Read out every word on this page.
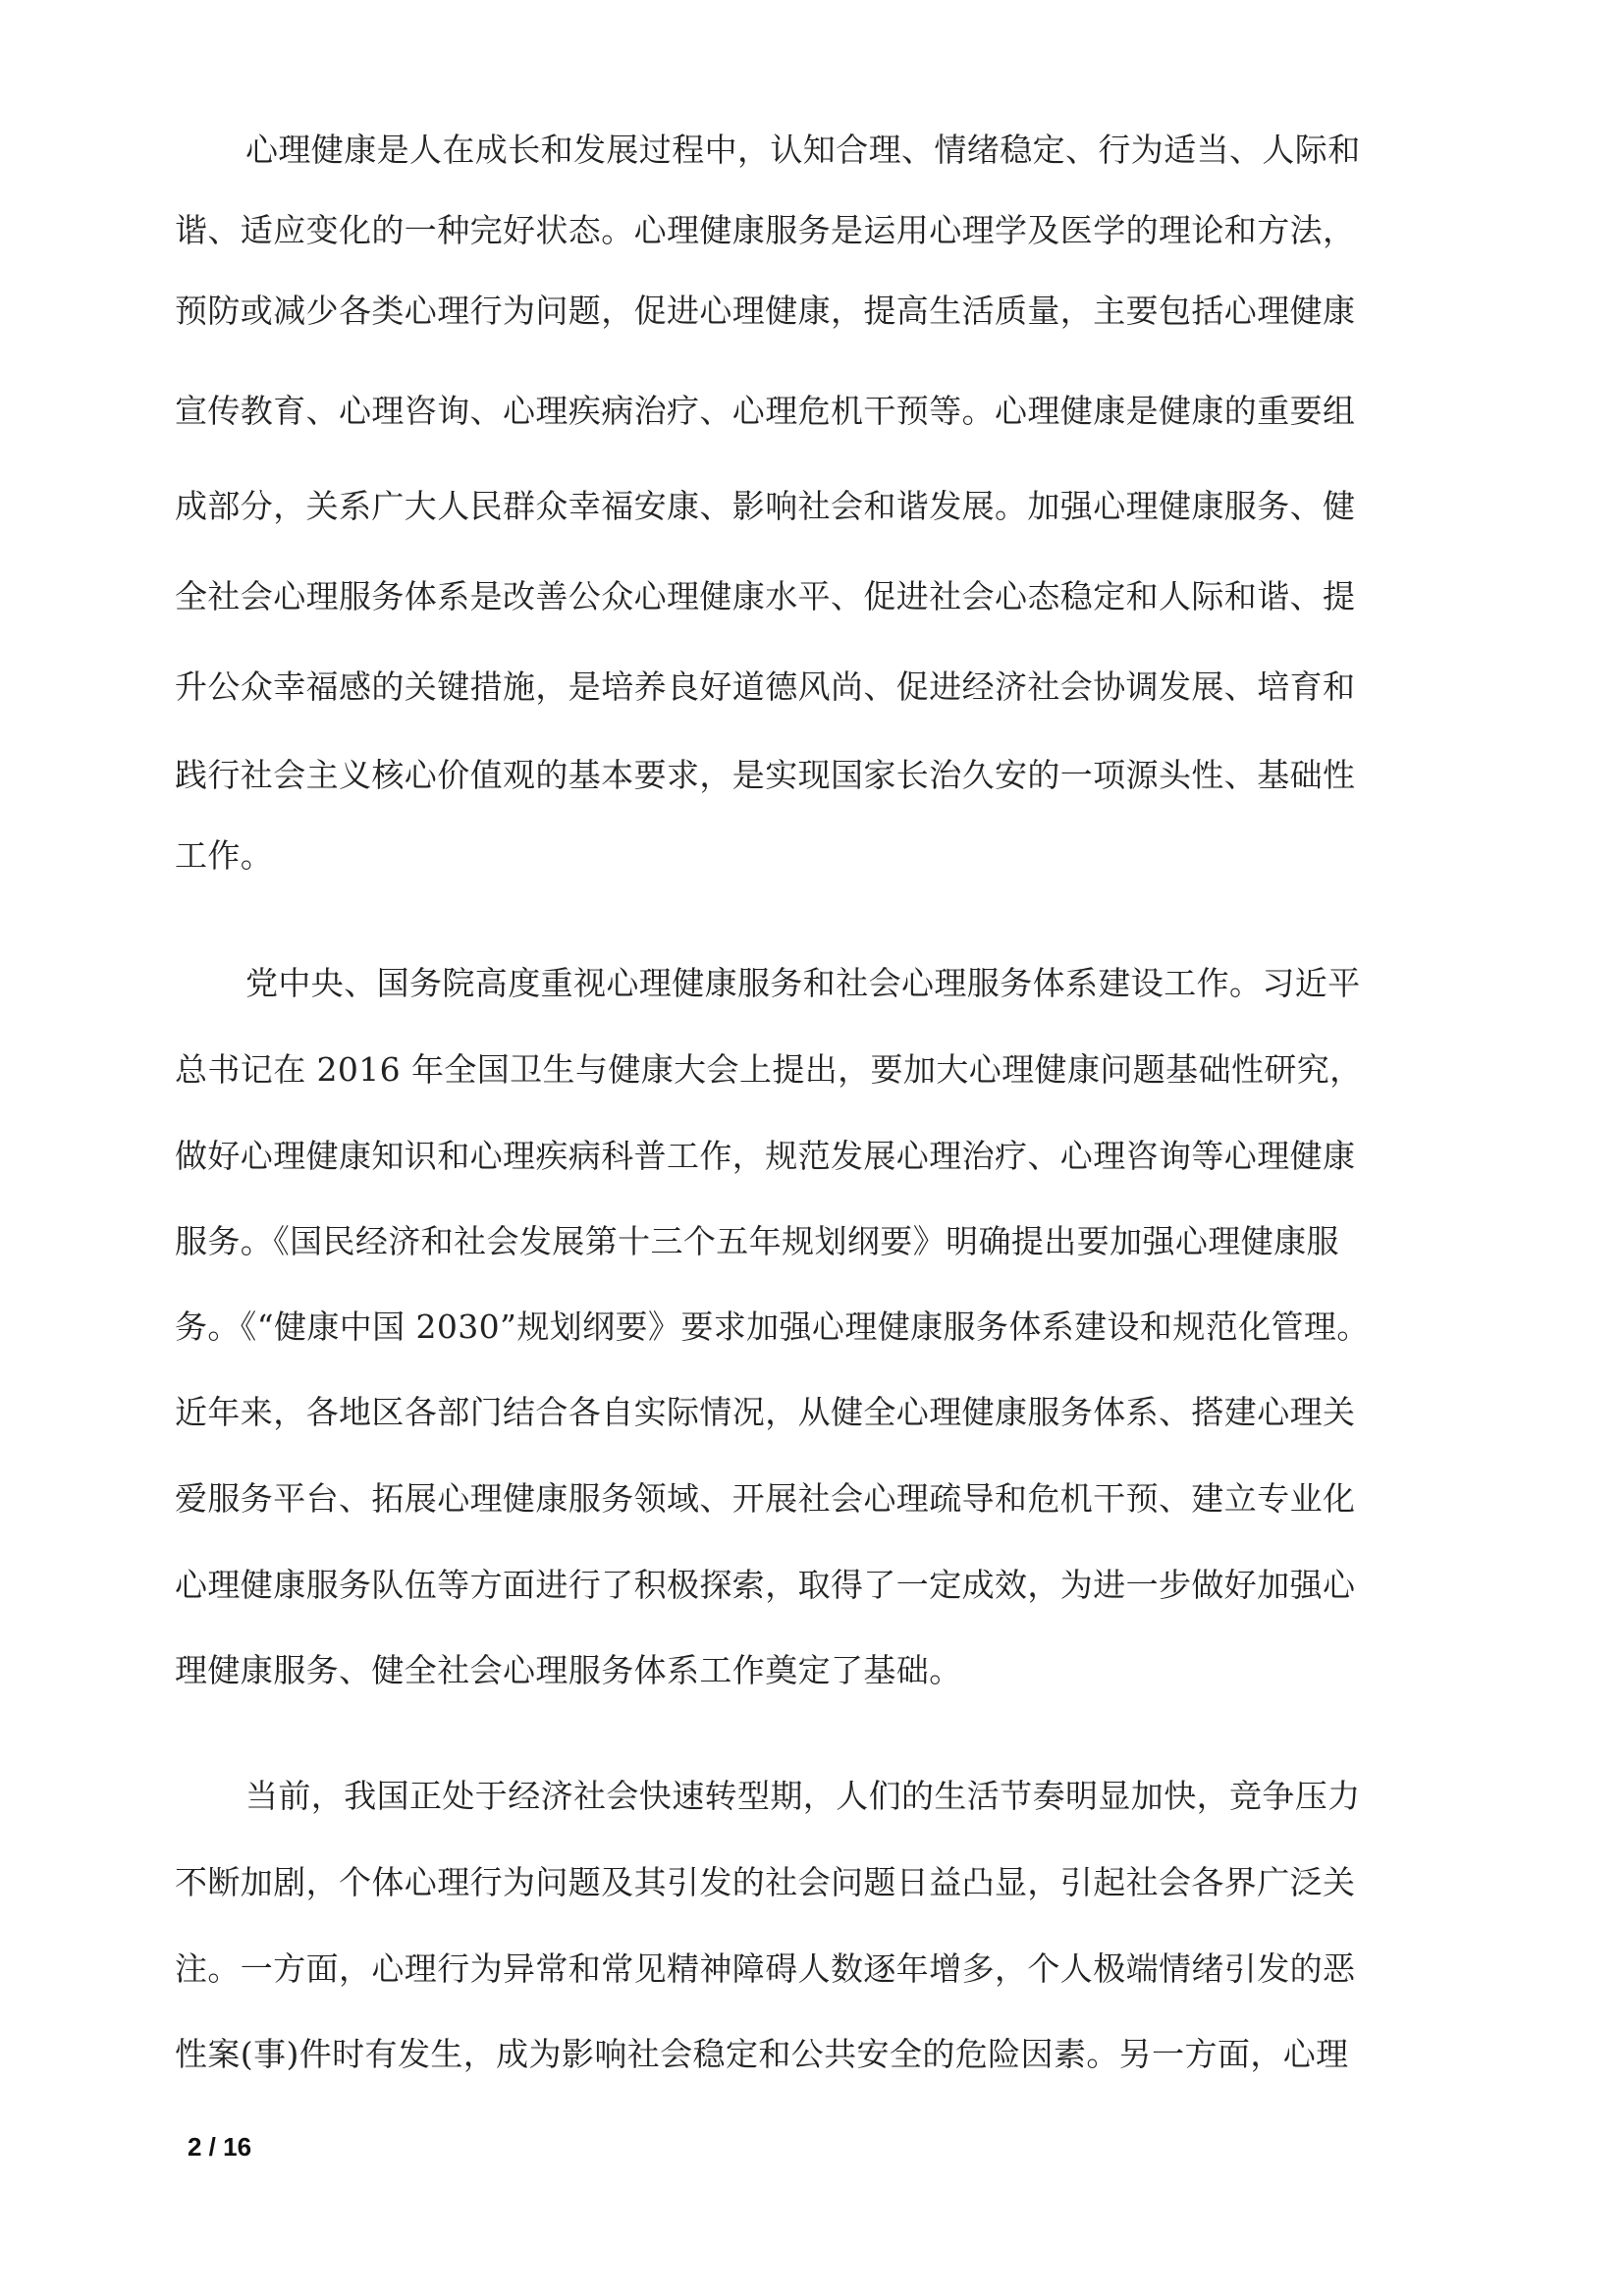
心理健康是人在成长和发展过程中，认知合理、情绪稳定、行为适当、人际和
谐、适应变化的一种完好状态。心理健康服务是运用心理学及医学的理论和方法，
预防或减少各类心理行为问题，促进心理健康，提高生活质量，主要包括心理健康
宣传教育、心理咨询、心理疾病治疗、心理危机干预等。心理健康是健康的重要组
成部分，关系广大人民群众幸福安康、影响社会和谐发展。加强心理健康服务、健
全社会心理服务体系是改善公众心理健康水平、促进社会心态稳定和人际和谐、提
升公众幸福感的关键措施，是培养良好道德风尚、促进经济社会协调发展、培育和
践行社会主义核心价值观的基本要求，是实现国家长治久安的一项源头性、基础性
工作。
党中央、国务院高度重视心理健康服务和社会心理服务体系建设工作。习近平
总书记在 2016 年全国卫生与健康大会上提出，要加大心理健康问题基础性研究，
做好心理健康知识和心理疾病科普工作，规范发展心理治疗、心理咨询等心理健康
服务。《国民经济和社会发展第十三个五年规划纲要》明确提出要加强心理健康服
务。《“健康中国 2030”规划纲要》要求加强心理健康服务体系建设和规范化管理。
近年来，各地区各部门结合各自实际情况，从健全心理健康服务体系、搭建心理关
爱服务平台、拓展心理健康服务领域、开展社会心理疏导和危机干预、建立专业化
心理健康服务队伍等方面进行了积极探索，取得了一定成效，为进一步做好加强心
理健康服务、健全社会心理服务体系工作奠定了基础。
当前，我国正处于经济社会快速转型期，人们的生活节奏明显加快，竞争压力
不断加剧，个体心理行为问题及其引发的社会问题日益凸显，引起社会各界广泛关
注。一方面，心理行为异常和常见精神障碍人数逐年增多，个人极端情绪引发的恶
性案(事)件时有发生，成为影响社会稳定和公共安全的危险因素。另一方面，心理
2 / 16
